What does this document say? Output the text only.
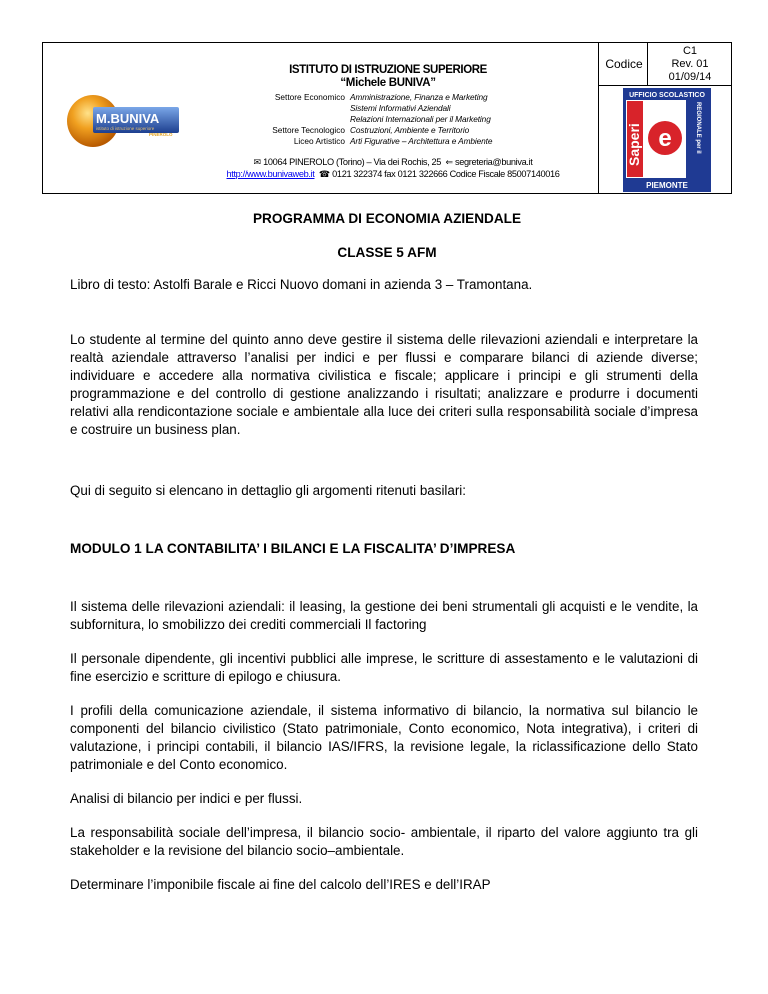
M.BUNIVA
istituto di istruzione superiore
PINEROLO
ISTITUTO DI ISTRUZIONE SUPERIORE
“Michele BUNIVA”
Settore Economico Amministrazione, Finanza e Marketing
Sistemi Informativi Aziendali
Relazioni Internazionali per il Marketing
Settore Tecnologico Costruzioni, Ambiente e Territorio
Liceo Artistico Arti Figurative – Architettura e Ambiente
✉ 10064 PINEROLO (Torino) – Via dei Rochis, 25  ⇐ segreteria@buniva.it
http://www.bunivaweb.it  ☎ 0121 322374 fax 0121 322666 Codice Fiscale 85007140016
Codice
C1
Rev. 01
01/09/14
UFFICIO SCOLASTICO
Saperi e	REGIONALE per il
PIEMONTE
PROGRAMMA DI ECONOMIA AZIENDALE
CLASSE 5 AFM
Libro di testo: Astolfi Barale e Ricci Nuovo domani in azienda 3 – Tramontana.
Lo studente al termine del quinto anno deve gestire il sistema delle rilevazioni aziendali e interpretare la realtà aziendale attraverso l’analisi per indici e per flussi e comparare bilanci di aziende diverse; individuare e accedere alla normativa civilistica e fiscale; applicare i principi e gli strumenti della programmazione e del controllo di gestione analizzando i risultati; analizzare e produrre i documenti relativi alla rendicontazione sociale e ambientale alla luce dei criteri sulla responsabilità sociale d’impresa e costruire un business plan.
Qui di seguito si elencano in dettaglio gli argomenti ritenuti basilari:
MODULO 1 LA CONTABILITA’ I BILANCI E LA FISCALITA’ D’IMPRESA
Il sistema delle rilevazioni aziendali: il leasing, la gestione dei beni strumentali gli acquisti e le vendite, la subfornitura, lo smobilizzo dei crediti commerciali Il factoring
Il personale dipendente, gli incentivi pubblici alle imprese, le scritture di assestamento e le valutazioni di fine esercizio e scritture di epilogo e chiusura.
I profili della comunicazione aziendale, il sistema informativo di bilancio, la normativa sul bilancio le componenti del bilancio civilistico (Stato patrimoniale, Conto economico, Nota integrativa), i criteri di valutazione, i principi contabili, il bilancio IAS/IFRS, la revisione legale, la riclassificazione dello Stato patrimoniale e del Conto economico.
Analisi di bilancio per indici e per flussi.
La responsabilità sociale dell’impresa, il bilancio socio- ambientale, il riparto del valore aggiunto tra gli stakeholder e la revisione del bilancio socio–ambientale.
Determinare l’imponibile fiscale ai fine del calcolo dell’IRES e dell’IRAP
